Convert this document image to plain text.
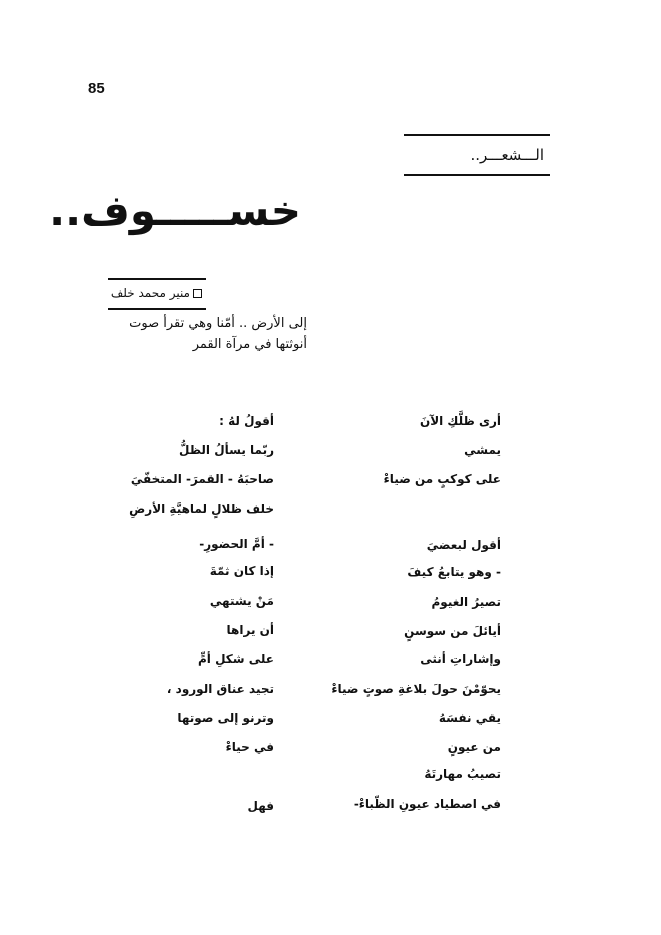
85
الـــشعـــر..
خســـــوف..
منير محمد خلف
إلى الأرض .. أمّنا وهي تقرأ صوت
أنوثتها في مرآة القمر
أرى ظلَّكِ الآنَ
يمشي
على كوكبٍ من ضياءْ
أقول لبعضيَ
- وهو يتابعُ كيفَ
تصيرُ الغيومُ
أيائلَ من سوسنٍ
وإشاراتِ أنثى
يحوّمْنَ حولَ بلاغةِ صوتٍ ضياءْ
يقي نفسَهُ
من عيونٍ
تصيبُ مهارتَهُ
في اصطياد عيونِ الظّباءْ-
أقولُ لهُ :
ربّما يسألُ الظلُّ
صاحبَهُ - القمرَ- المتخفّيَ
خلف ظلالٍ لماهيَّةِ الأرضِ
- أمَّ الحضورِ-
إذا كان ثمّةَ
مَنْ يشتهي
أن يراها
على شكلِ أمٍّ
تجيد عناق الورود ،
وترنو إلى صوتها
في حياءْ
فهل
